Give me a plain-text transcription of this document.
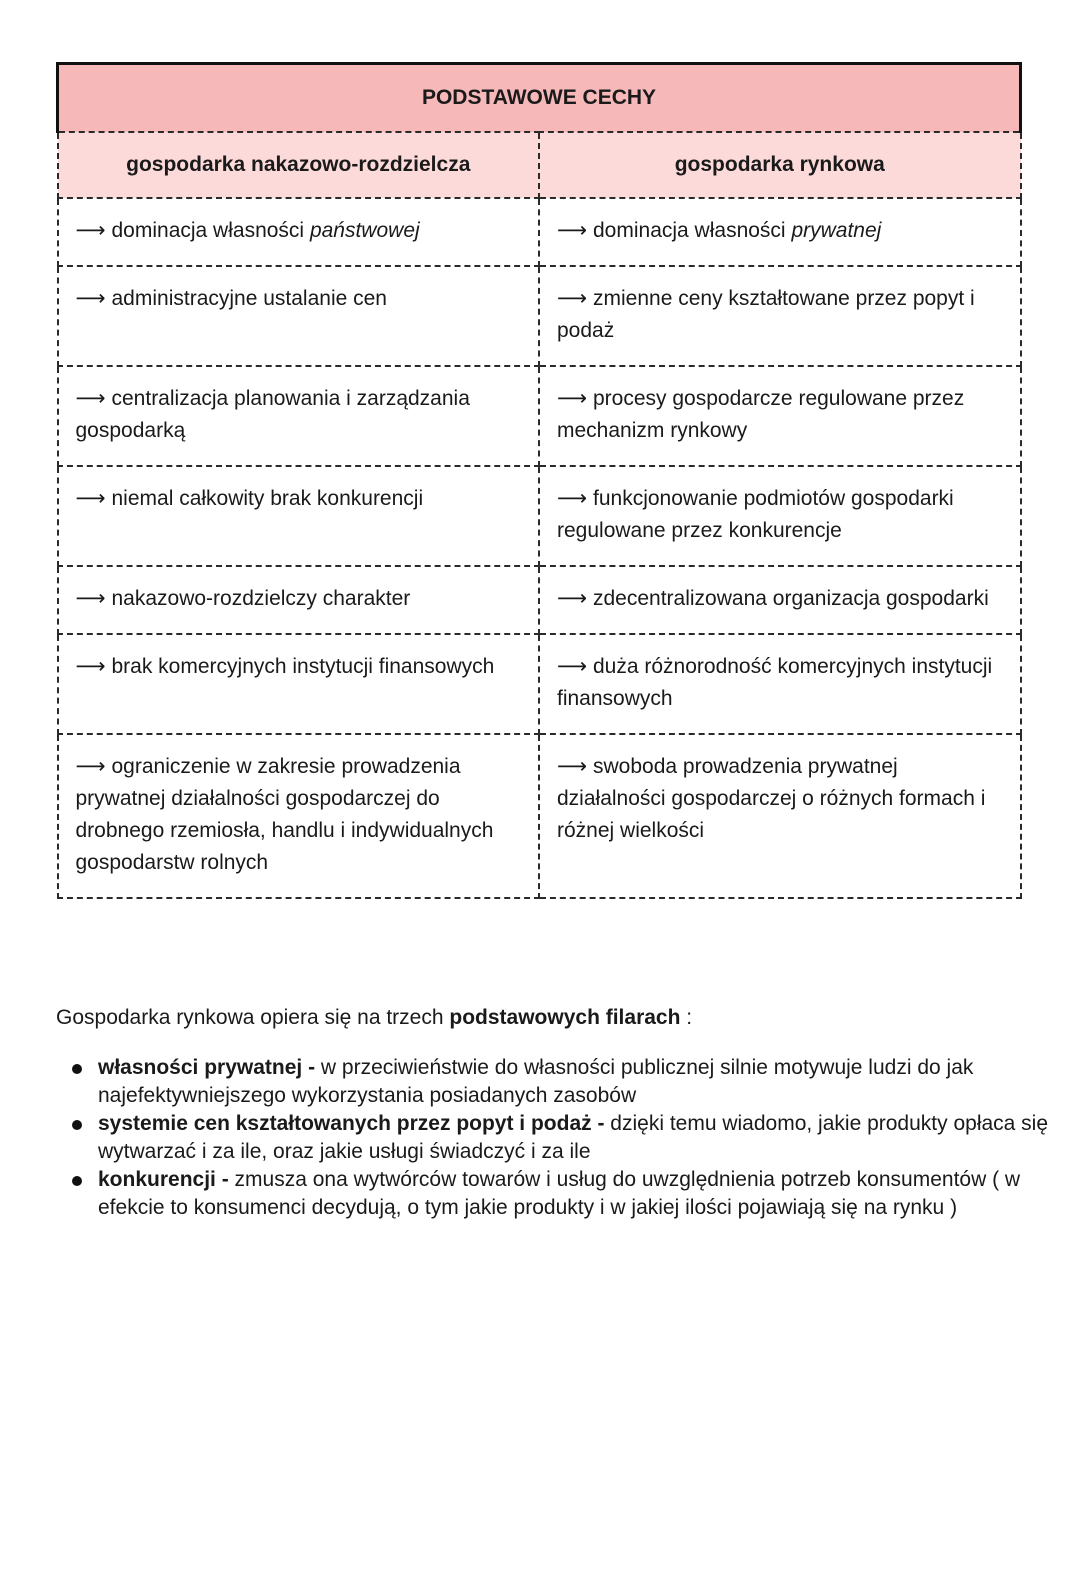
PODSTAWOWE CECHY	
gospodarka nakazowo-rozdzielcza	gospodarka rynkowa
⟶ dominacja własności państwowej	⟶ dominacja własności prywatnej
⟶ administracyjne ustalanie cen	⟶ zmienne ceny kształtowane przez popyt i podaż
⟶ centralizacja planowania i zarządzania gospodarką	⟶ procesy gospodarcze regulowane przez mechanizm rynkowy
⟶ niemal całkowity brak konkurencji	⟶ funkcjonowanie podmiotów gospodarki regulowane przez konkurencje
⟶ nakazowo-rozdzielczy charakter	⟶ zdecentralizowana organizacja gospodarki
⟶ brak komercyjnych instytucji finansowych	⟶ duża różnorodność komercyjnych instytucji finansowych
⟶ ograniczenie w zakresie prowadzenia prywatnej działalności gospodarczej do drobnego rzemiosła, handlu i indywidualnych gospodarstw rolnych	⟶ swoboda prowadzenia prywatnej działalności gospodarczej o różnych formach i różnej wielkości

Gospodarka rynkowa opiera się na trzech podstawowych filarach :

własności prywatnej - w przeciwieństwie do własności publicznej silnie motywuje ludzi do jak najefektywniejszego wykorzystania posiadanych zasobów
systemie cen kształtowanych przez popyt i podaż - dzięki temu wiadomo, jakie produkty opłaca się wytwarzać i za ile, oraz jakie usługi świadczyć i za ile
konkurencji - zmusza ona wytwórców towarów i usług do uwzględnienia potrzeb konsumentów ( w efekcie to konsumenci decydują, o tym jakie produkty i w jakiej ilości pojawiają się na rynku )
